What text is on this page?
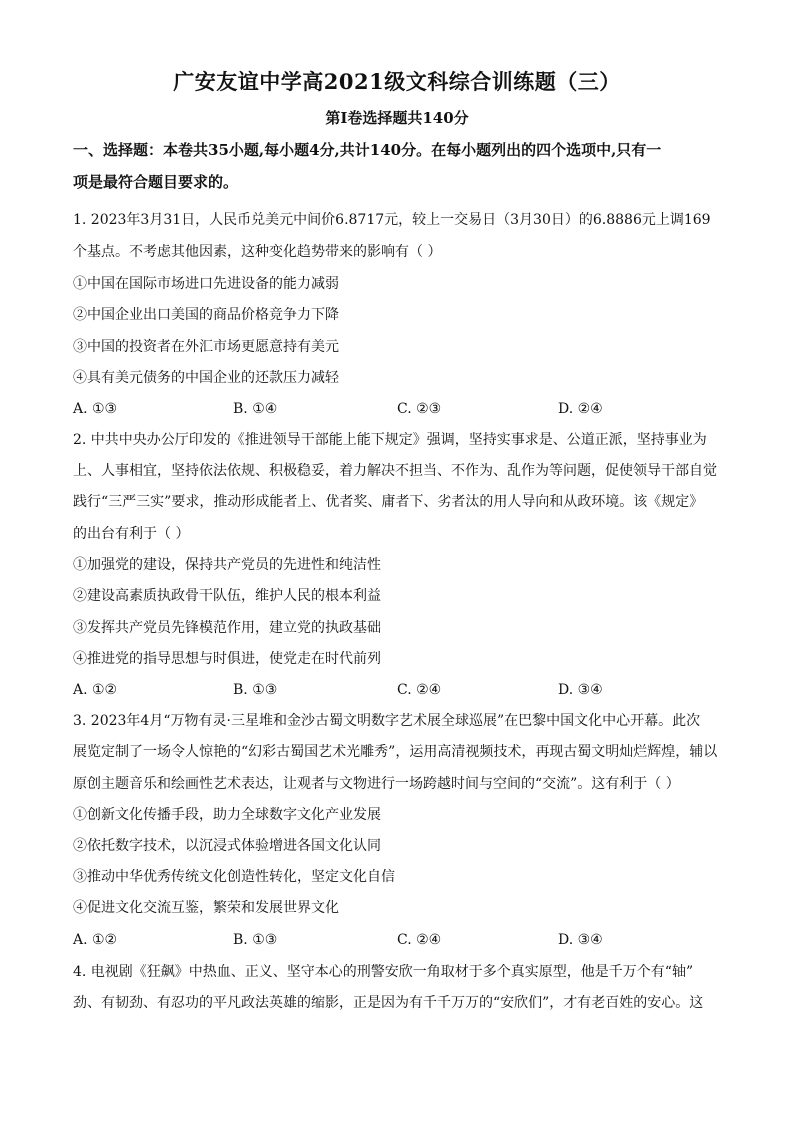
广安友谊中学高2021级文科综合训练题（三）
第Ⅰ卷选择题共140分
一、选择题：本卷共35小题,每小题4分,共计140分。在每小题列出的四个选项中,只有一
项是最符合题目要求的。
1. 2023年3月31日，人民币兑美元中间价6.8717元，较上一交易日（3月30日）的6.8886元上调169
个基点。不考虑其他因素，这种变化趋势带来的影响有（ ）
①中国在国际市场进口先进设备的能力减弱
②中国企业出口美国的商品价格竞争力下降
③中国的投资者在外汇市场更愿意持有美元
④具有美元债务的中国企业的还款压力减轻
A. ①③	B. ①④	C. ②③	D. ②④
2. 中共中央办公厅印发的《推进领导干部能上能下规定》强调，坚持实事求是、公道正派，坚持事业为
上、人事相宜，坚持依法依规、积极稳妥，着力解决不担当、不作为、乱作为等问题，促使领导干部自觉
践行“三严三实”要求，推动形成能者上、优者奖、庸者下、劣者汰的用人导向和从政环境。该《规定》
的出台有利于（ ）
①加强党的建设，保持共产党员的先进性和纯洁性
②建设高素质执政骨干队伍，维护人民的根本利益
③发挥共产党员先锋模范作用，建立党的执政基础
④推进党的指导思想与时俱进，使党走在时代前列
A. ①②	B. ①③	C. ②④	D. ③④
3. 2023年4月“万物有灵·三星堆和金沙古蜀文明数字艺术展全球巡展”在巴黎中国文化中心开幕。此次
展览定制了一场令人惊艳的“幻彩古蜀国艺术光雕秀”，运用高清视频技术，再现古蜀文明灿烂辉煌，辅以
原创主题音乐和绘画性艺术表达，让观者与文物进行一场跨越时间与空间的“交流”。这有利于（ ）
①创新文化传播手段，助力全球数字文化产业发展
②依托数字技术，以沉浸式体验增进各国文化认同
③推动中华优秀传统文化创造性转化，坚定文化自信
④促进文化交流互鉴，繁荣和发展世界文化
A. ①②	B. ①③	C. ②④	D. ③④
4. 电视剧《狂飙》中热血、正义、坚守本心的刑警安欣一角取材于多个真实原型，他是千万个有“轴”
劲、有韧劲、有忍功的平凡政法英雄的缩影，正是因为有千千万万的“安欣们”，才有老百姓的安心。这
